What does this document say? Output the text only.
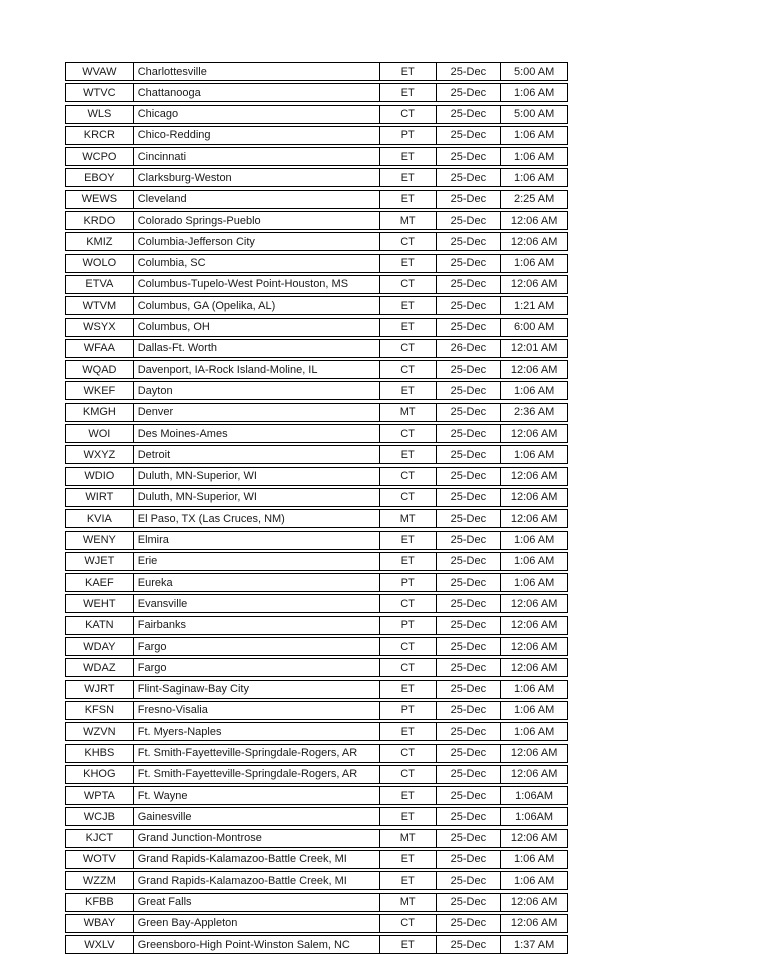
WVAW	Charlottesville	ET	25-Dec	5:00 AM
WTVC	Chattanooga	ET	25-Dec	1:06 AM
WLS	Chicago	CT	25-Dec	5:00 AM
KRCR	Chico-Redding	PT	25-Dec	1:06 AM
WCPO	Cincinnati	ET	25-Dec	1:06 AM
EBOY	Clarksburg-Weston	ET	25-Dec	1:06 AM
WEWS	Cleveland	ET	25-Dec	2:25 AM
KRDO	Colorado Springs-Pueblo	MT	25-Dec	12:06 AM
KMIZ	Columbia-Jefferson City	CT	25-Dec	12:06 AM
WOLO	Columbia, SC	ET	25-Dec	1:06 AM
ETVA	Columbus-Tupelo-West Point-Houston, MS	CT	25-Dec	12:06 AM
WTVM	Columbus, GA (Opelika, AL)	ET	25-Dec	1:21 AM
WSYX	Columbus, OH	ET	25-Dec	6:00 AM
WFAA	Dallas-Ft. Worth	CT	26-Dec	12:01 AM
WQAD	Davenport, IA-Rock Island-Moline, IL	CT	25-Dec	12:06 AM
WKEF	Dayton	ET	25-Dec	1:06 AM
KMGH	Denver	MT	25-Dec	2:36 AM
WOI	Des Moines-Ames	CT	25-Dec	12:06 AM
WXYZ	Detroit	ET	25-Dec	1:06 AM
WDIO	Duluth, MN-Superior, WI	CT	25-Dec	12:06 AM
WIRT	Duluth, MN-Superior, WI	CT	25-Dec	12:06 AM
KVIA	El Paso, TX (Las Cruces, NM)	MT	25-Dec	12:06 AM
WENY	Elmira	ET	25-Dec	1:06 AM
WJET	Erie	ET	25-Dec	1:06 AM
KAEF	Eureka	PT	25-Dec	1:06 AM
WEHT	Evansville	CT	25-Dec	12:06 AM
KATN	Fairbanks	PT	25-Dec	12:06 AM
WDAY	Fargo	CT	25-Dec	12:06 AM
WDAZ	Fargo	CT	25-Dec	12:06 AM
WJRT	Flint-Saginaw-Bay City	ET	25-Dec	1:06 AM
KFSN	Fresno-Visalia	PT	25-Dec	1:06 AM
WZVN	Ft. Myers-Naples	ET	25-Dec	1:06 AM
KHBS	Ft. Smith-Fayetteville-Springdale-Rogers, AR	CT	25-Dec	12:06 AM
KHOG	Ft. Smith-Fayetteville-Springdale-Rogers, AR	CT	25-Dec	12:06 AM
WPTA	Ft. Wayne	ET	25-Dec	1:06AM
WCJB	Gainesville	ET	25-Dec	1:06AM
KJCT	Grand Junction-Montrose	MT	25-Dec	12:06 AM
WOTV	Grand Rapids-Kalamazoo-Battle Creek, MI	ET	25-Dec	1:06 AM
WZZM	Grand Rapids-Kalamazoo-Battle Creek, MI	ET	25-Dec	1:06 AM
KFBB	Great Falls	MT	25-Dec	12:06 AM
WBAY	Green Bay-Appleton	CT	25-Dec	12:06 AM
WXLV	Greensboro-High Point-Winston Salem, NC	ET	25-Dec	1:37 AM
